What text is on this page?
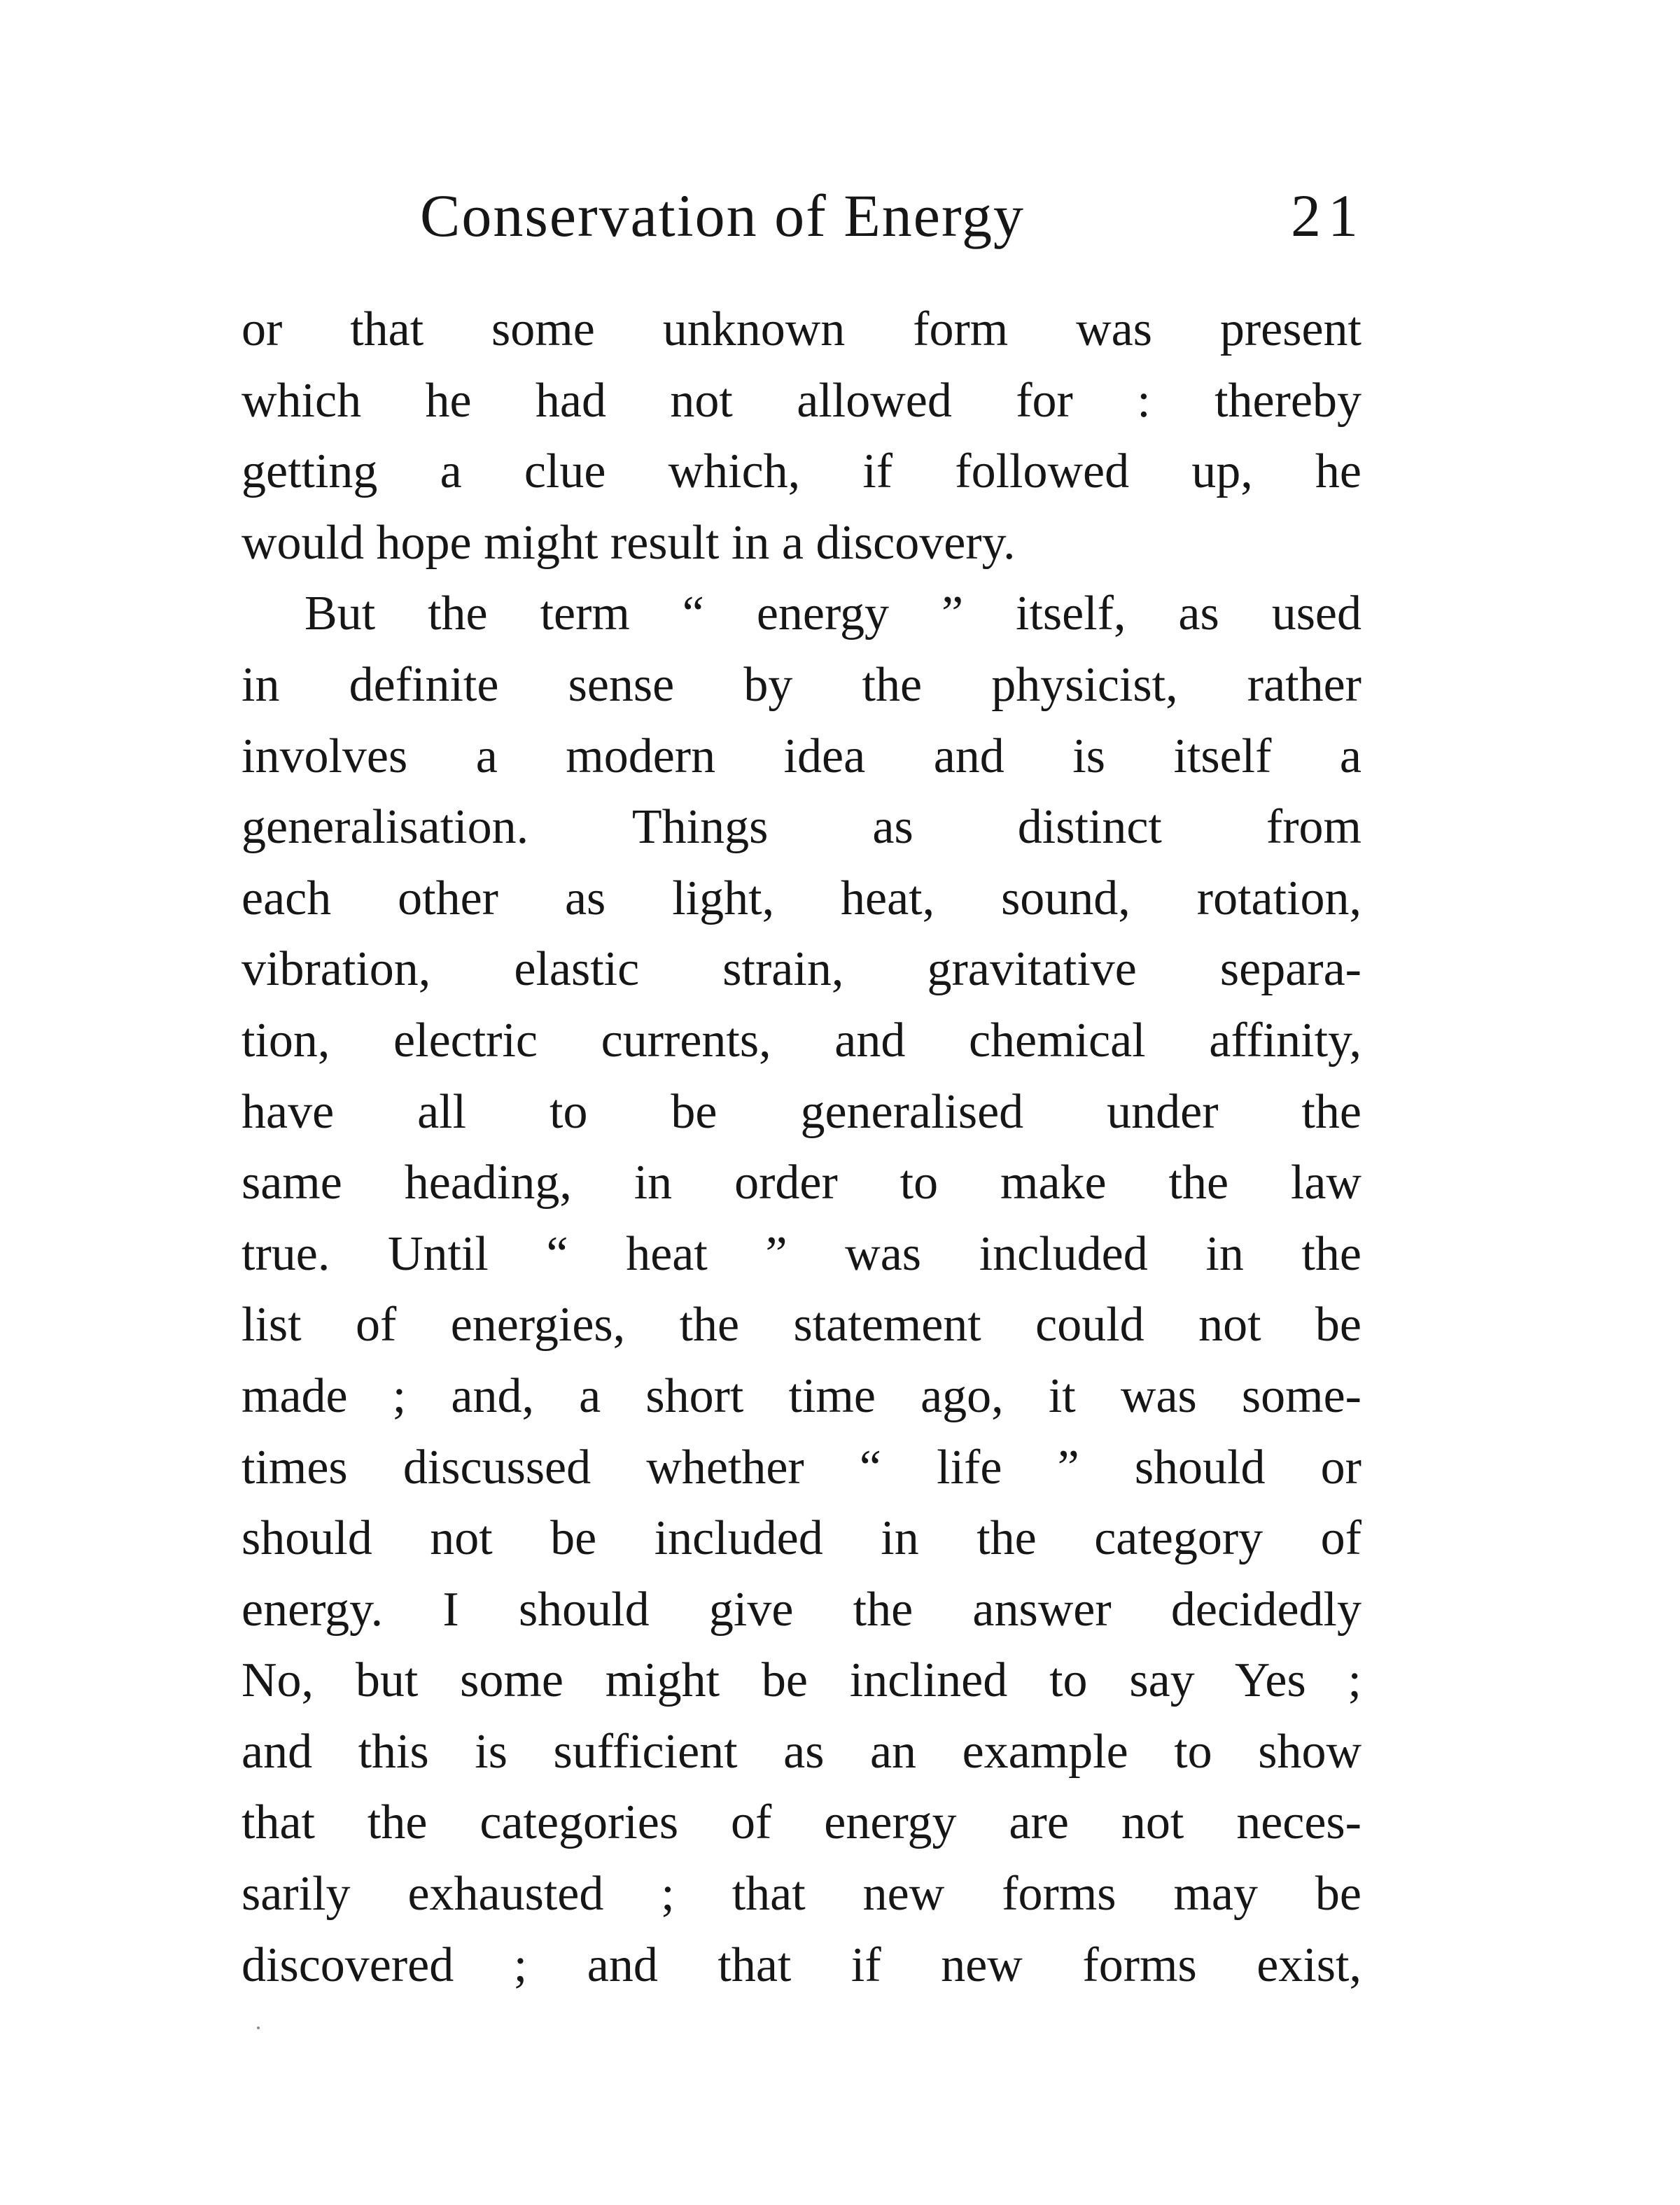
Conservation of Energy	21
or that some unknown form was present
which he had not allowed for : thereby
getting a clue which, if followed up, he
would hope might result in a discovery.
But the term “ energy ” itself, as used
in definite sense by the physicist, rather
involves a modern idea and is itself a
generalisation. Things as distinct from
each other as light, heat, sound, rotation,
vibration, elastic strain, gravitative separa-
tion, electric currents, and chemical affinity,
have all to be generalised under the
same heading, in order to make the law
true. Until “ heat ” was included in the
list of energies, the statement could not be
made ; and, a short time ago, it was some-
times discussed whether “ life ” should or
should not be included in the category of
energy. I should give the answer decidedly
No, but some might be inclined to say Yes ;
and this is sufficient as an example to show
that the categories of energy are not neces-
sarily exhausted ; that new forms may be
discovered ; and that if new forms exist,
